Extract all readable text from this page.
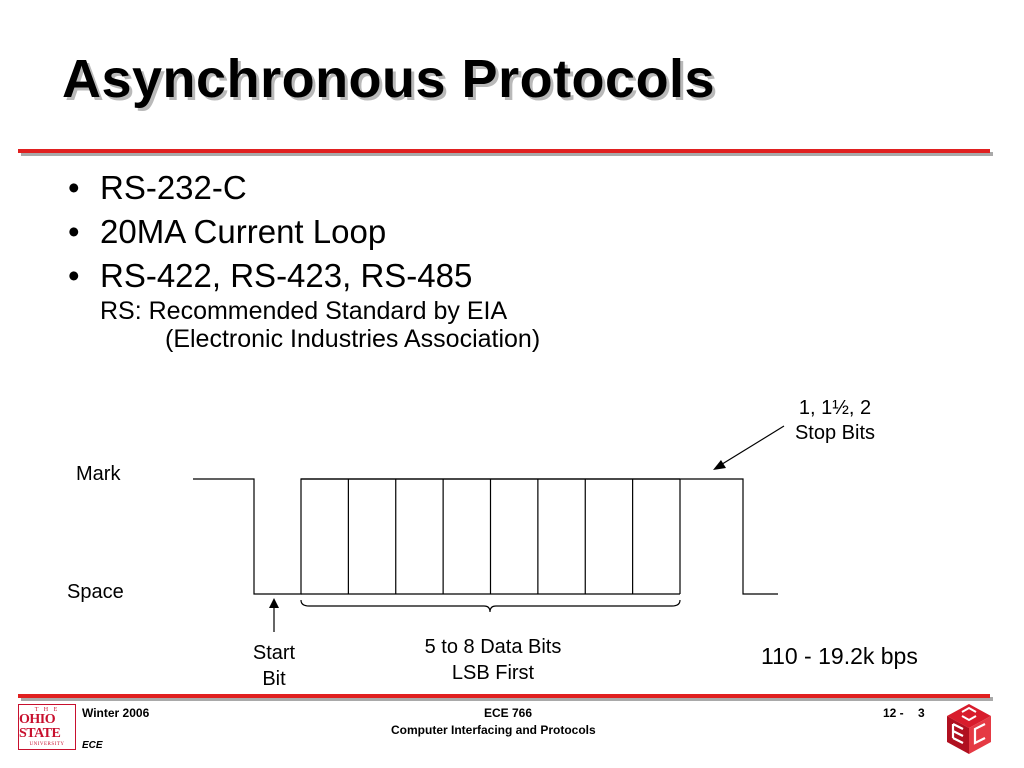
Asynchronous Protocols
• RS-232-C
• 20MA Current Loop
• RS-422, RS-423, RS-485
RS: Recommended Standard by EIA
(Electronic Industries Association)
Mark
Space
1, 1½, 2
Stop Bits
Start
Bit
5 to 8 Data Bits
LSB First
110 - 19.2k bps
T H E
OHIO STATE
UNIVERSITY
Winter 2006
ECE
ECE 766
Computer Interfacing and Protocols
12 - 3
